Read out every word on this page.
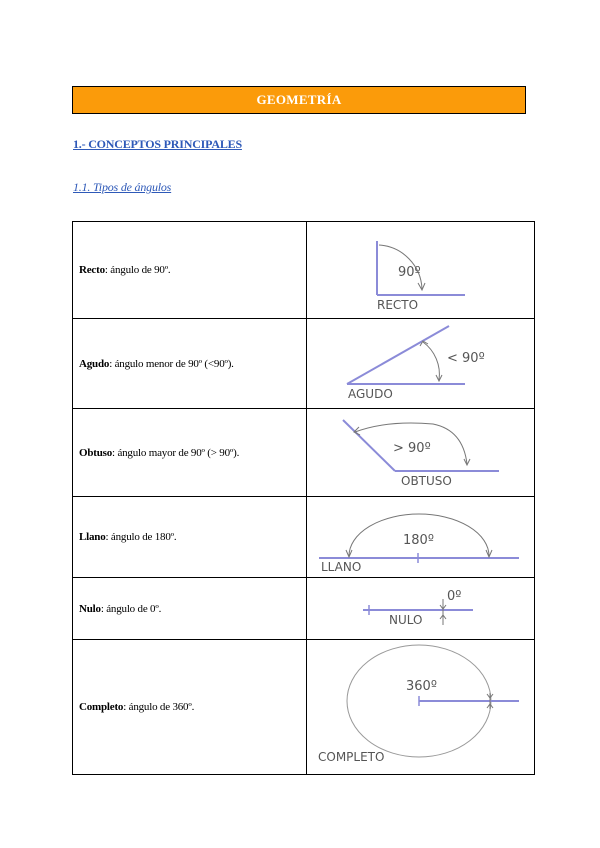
GEOMETRÍA
1.- CONCEPTOS PRINCIPALES
1.1. Tipos de ángulos
Recto: ángulo de 90º.	90º
RECTO

Agudo: ángulo menor de 90º (<90º).	< 90º
AGUDO

Obtuso: ángulo mayor de 90º (> 90º).	> 90º
OBTUSO

Llano: ángulo de 180º.	180º
LLANO

Nulo: ángulo de 0º.	0º
NULO

Completo: ángulo de 360º.	360º
COMPLETO
